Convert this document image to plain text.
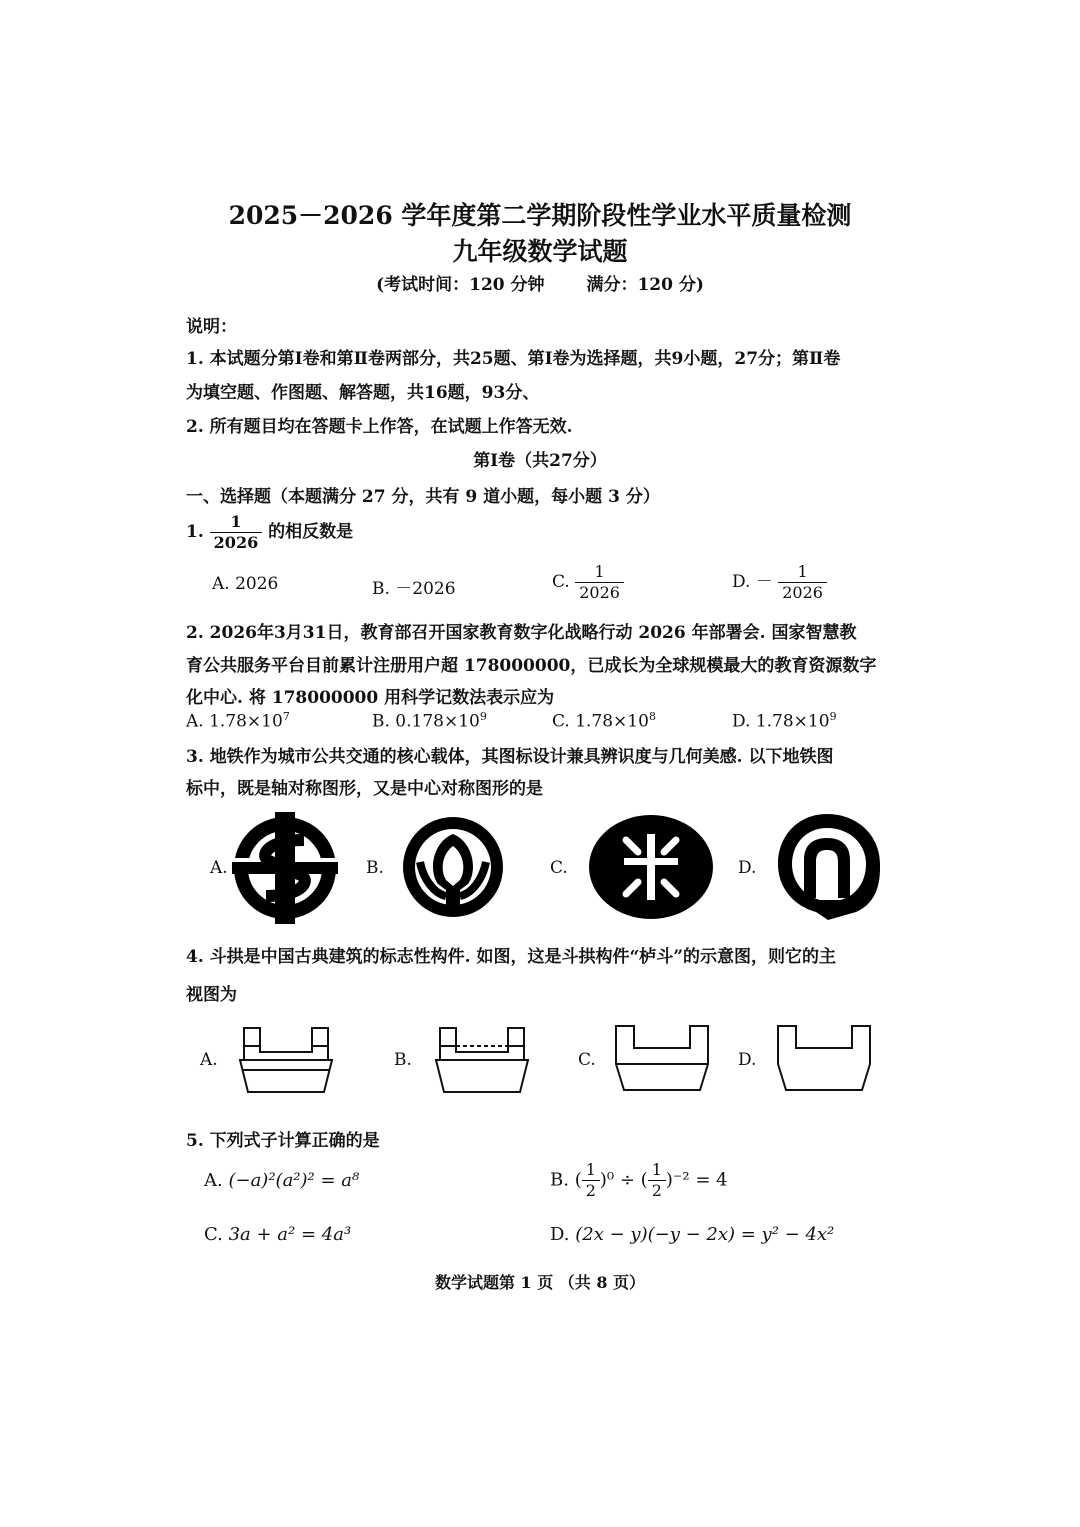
2025－2026 学年度第二学期阶段性学业水平质量检测
九年级数学试题
(考试时间：120 分钟 满分：120 分)
说明：
1. 本试题分第Ⅰ卷和第Ⅱ卷两部分，共25题、第Ⅰ卷为选择题，共9小题，27分；第Ⅱ卷
为填空题、作图题、解答题，共16题，93分、
2. 所有题目均在答题卡上作答，在试题上作答无效.
第Ⅰ卷（共27分）
一、选择题（本题满分 27 分，共有 9 道小题，每小题 3 分）
1. $\frac{1}{2026}$ 的相反数是
A. 2026	B. －2026	C. $\frac{1}{2026}$	D. － $\frac{1}{2026}$
2. 2026年3月31日，教育部召开国家教育数字化战略行动 2026 年部署会. 国家智慧教
育公共服务平台目前累计注册用户超 178000000，已成长为全球规模最大的教育资源数字
化中心. 将 178000000 用科学记数法表示应为
A. $1.78\times 10^7$	B. $0.178\times 10^9$	C. $1.78\times 10^8$	D. $1.78\times 10^9$
3. 地铁作为城市公共交通的核心载体，其图标设计兼具辨识度与几何美感. 以下地铁图
标中，既是轴对称图形，又是中心对称图形的是
A.	B.	C.	D.
4. 斗拱是中国古典建筑的标志性构件. 如图，这是斗拱构件“栌斗”的示意图，则它的主
视图为
A.	B.	C.	D.
5. 下列式子计算正确的是
A. (−a)²(a²)² = a⁸	B. ( $\frac{1}{2} )^0$ ÷ ( $\frac{1}{2} )^{-2} = 4$
C. 3a + a² = 4a³	D. (2x − y)(−y − 2x) = y² − 4x²
数学试题第 1 页 （共 8 页）
